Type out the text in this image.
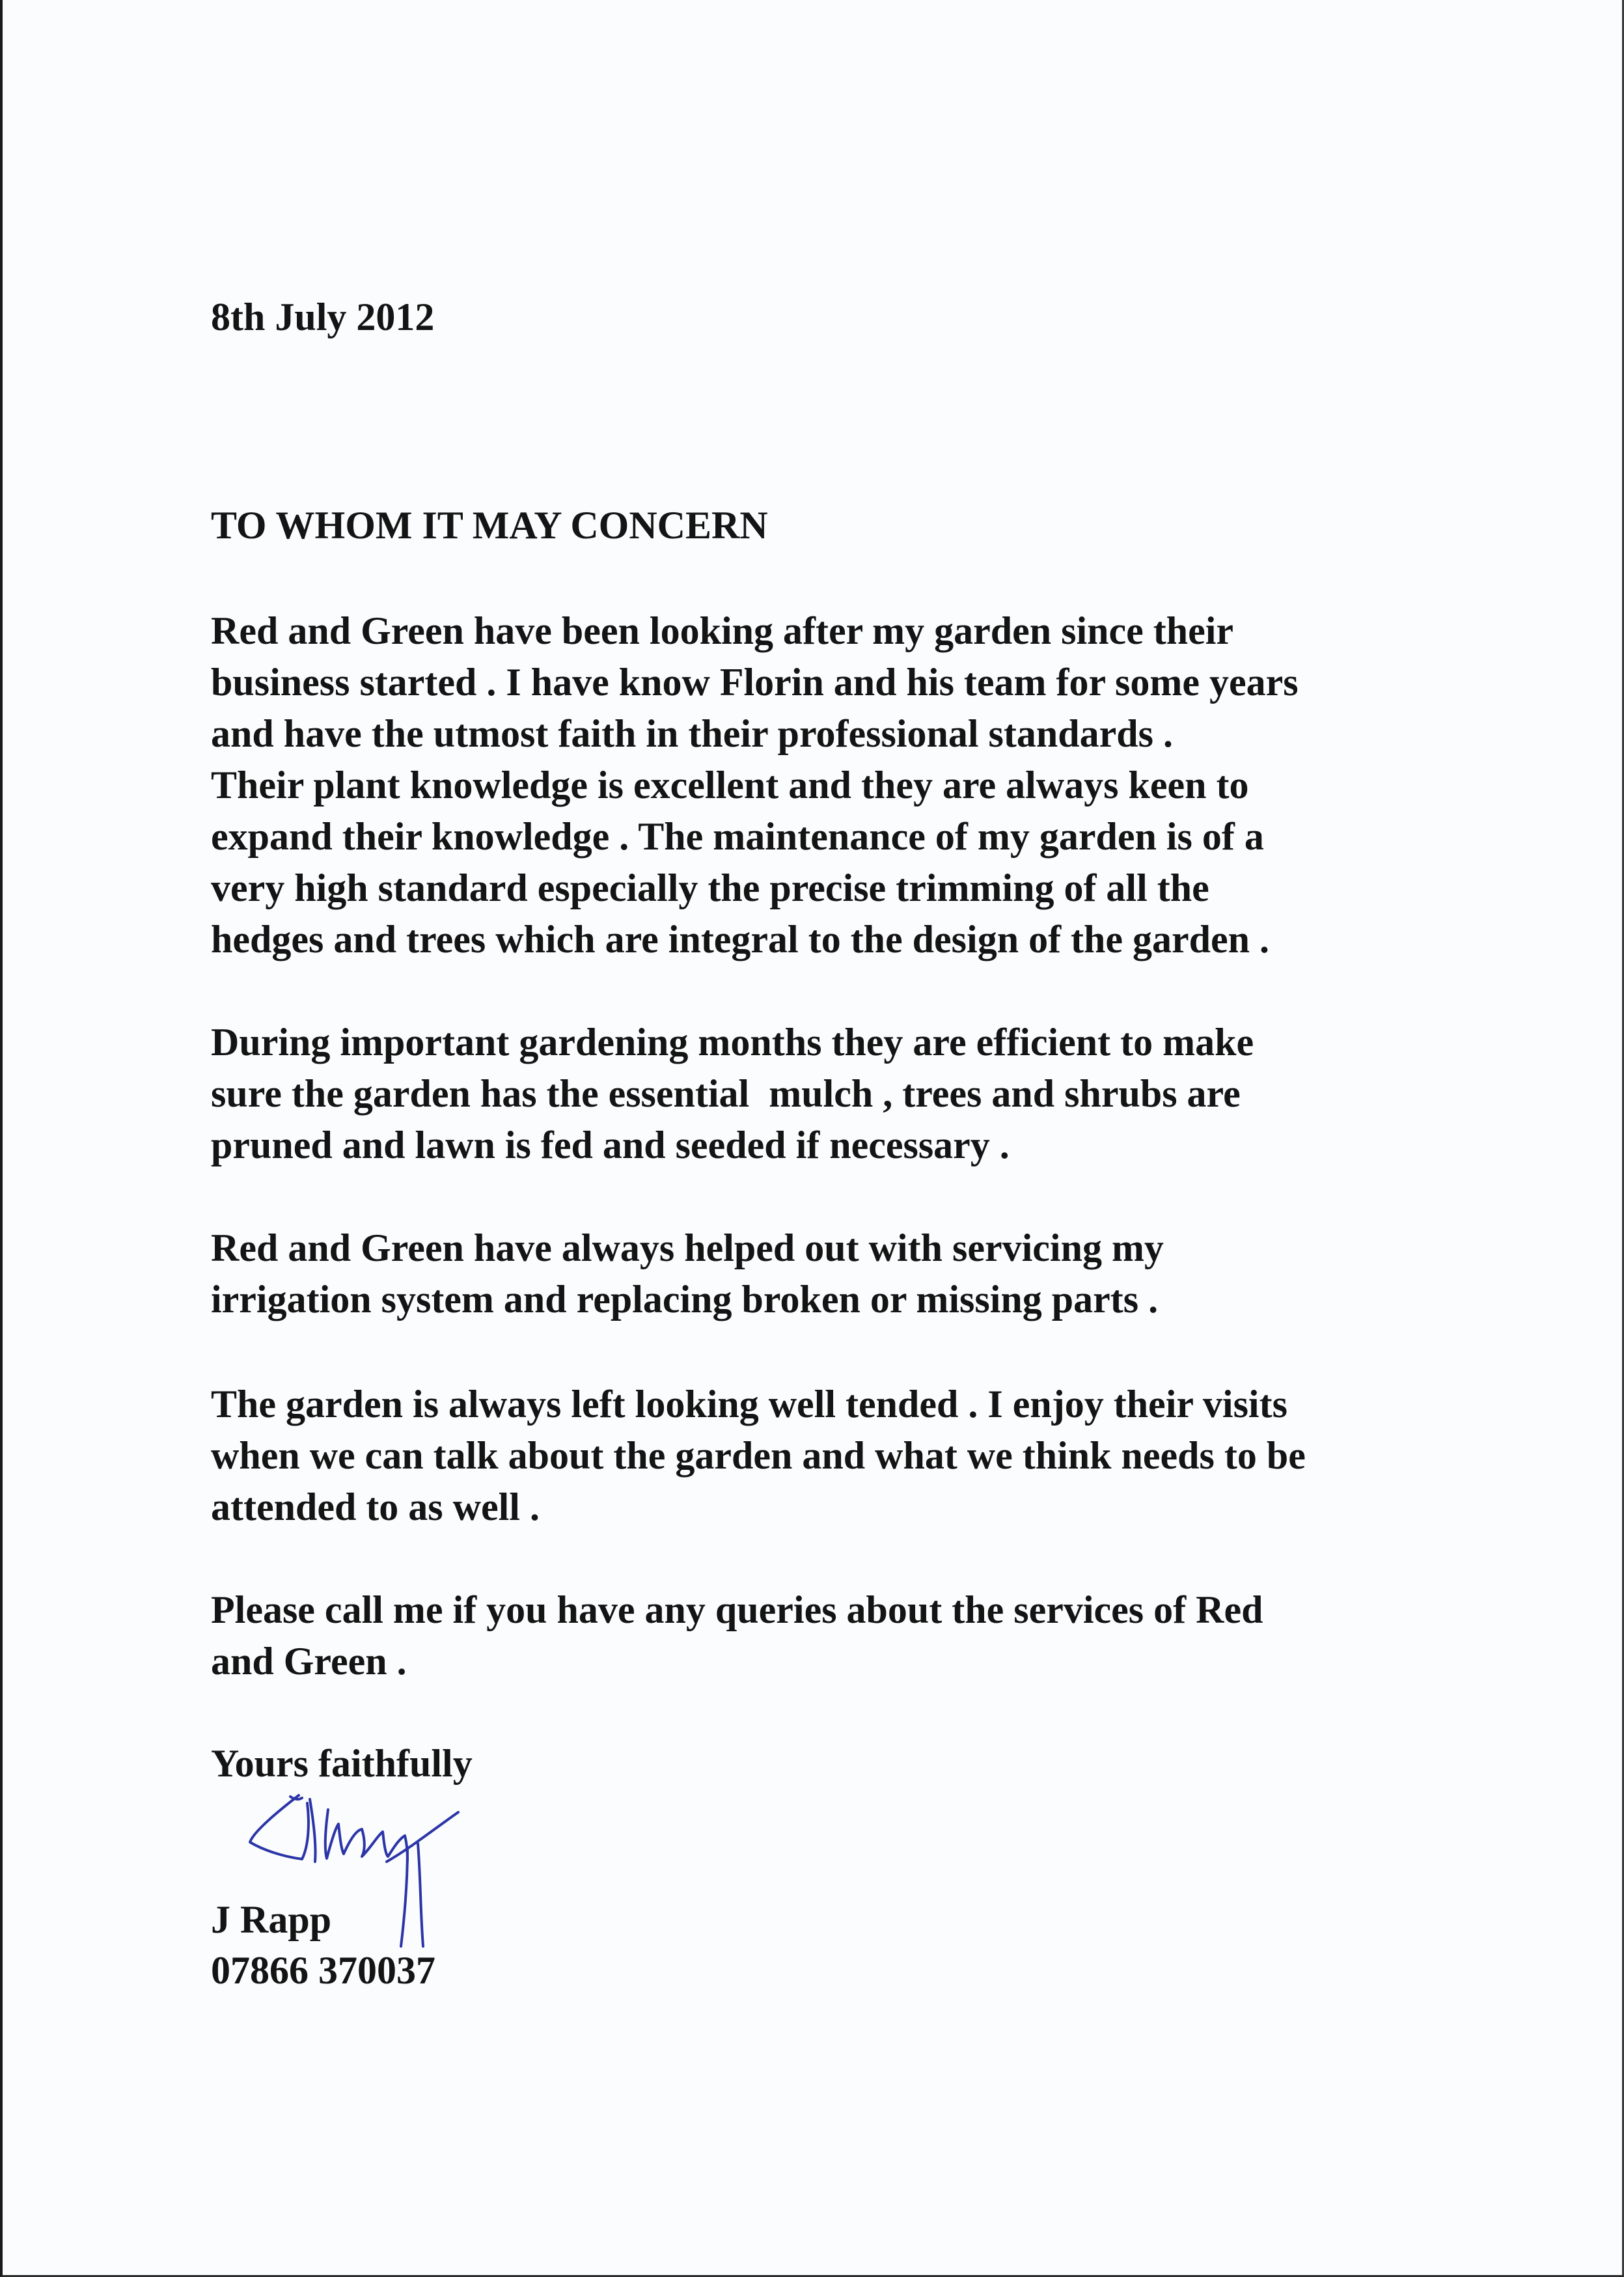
8th July 2012

TO WHOM IT MAY CONCERN

Red and Green have been looking after my garden since their
business started . I have know Florin and his team for some years
and have the utmost faith in their professional standards .
Their plant knowledge is excellent and they are always keen to
expand their knowledge . The maintenance of my garden is of a
very high standard especially the precise trimming of all the
hedges and trees which are integral to the design of the garden .
During important gardening months they are efficient to make
sure the garden has the essential  mulch , trees and shrubs are
pruned and lawn is fed and seeded if necessary .
Red and Green have always helped out with servicing my
irrigation system and replacing broken or missing parts .
The garden is always left looking well tended . I enjoy their visits
when we can talk about the garden and what we think needs to be
attended to as well .
Please call me if you have any queries about the services of Red
and Green .

Yours faithfully

J Rapp

07866 370037
